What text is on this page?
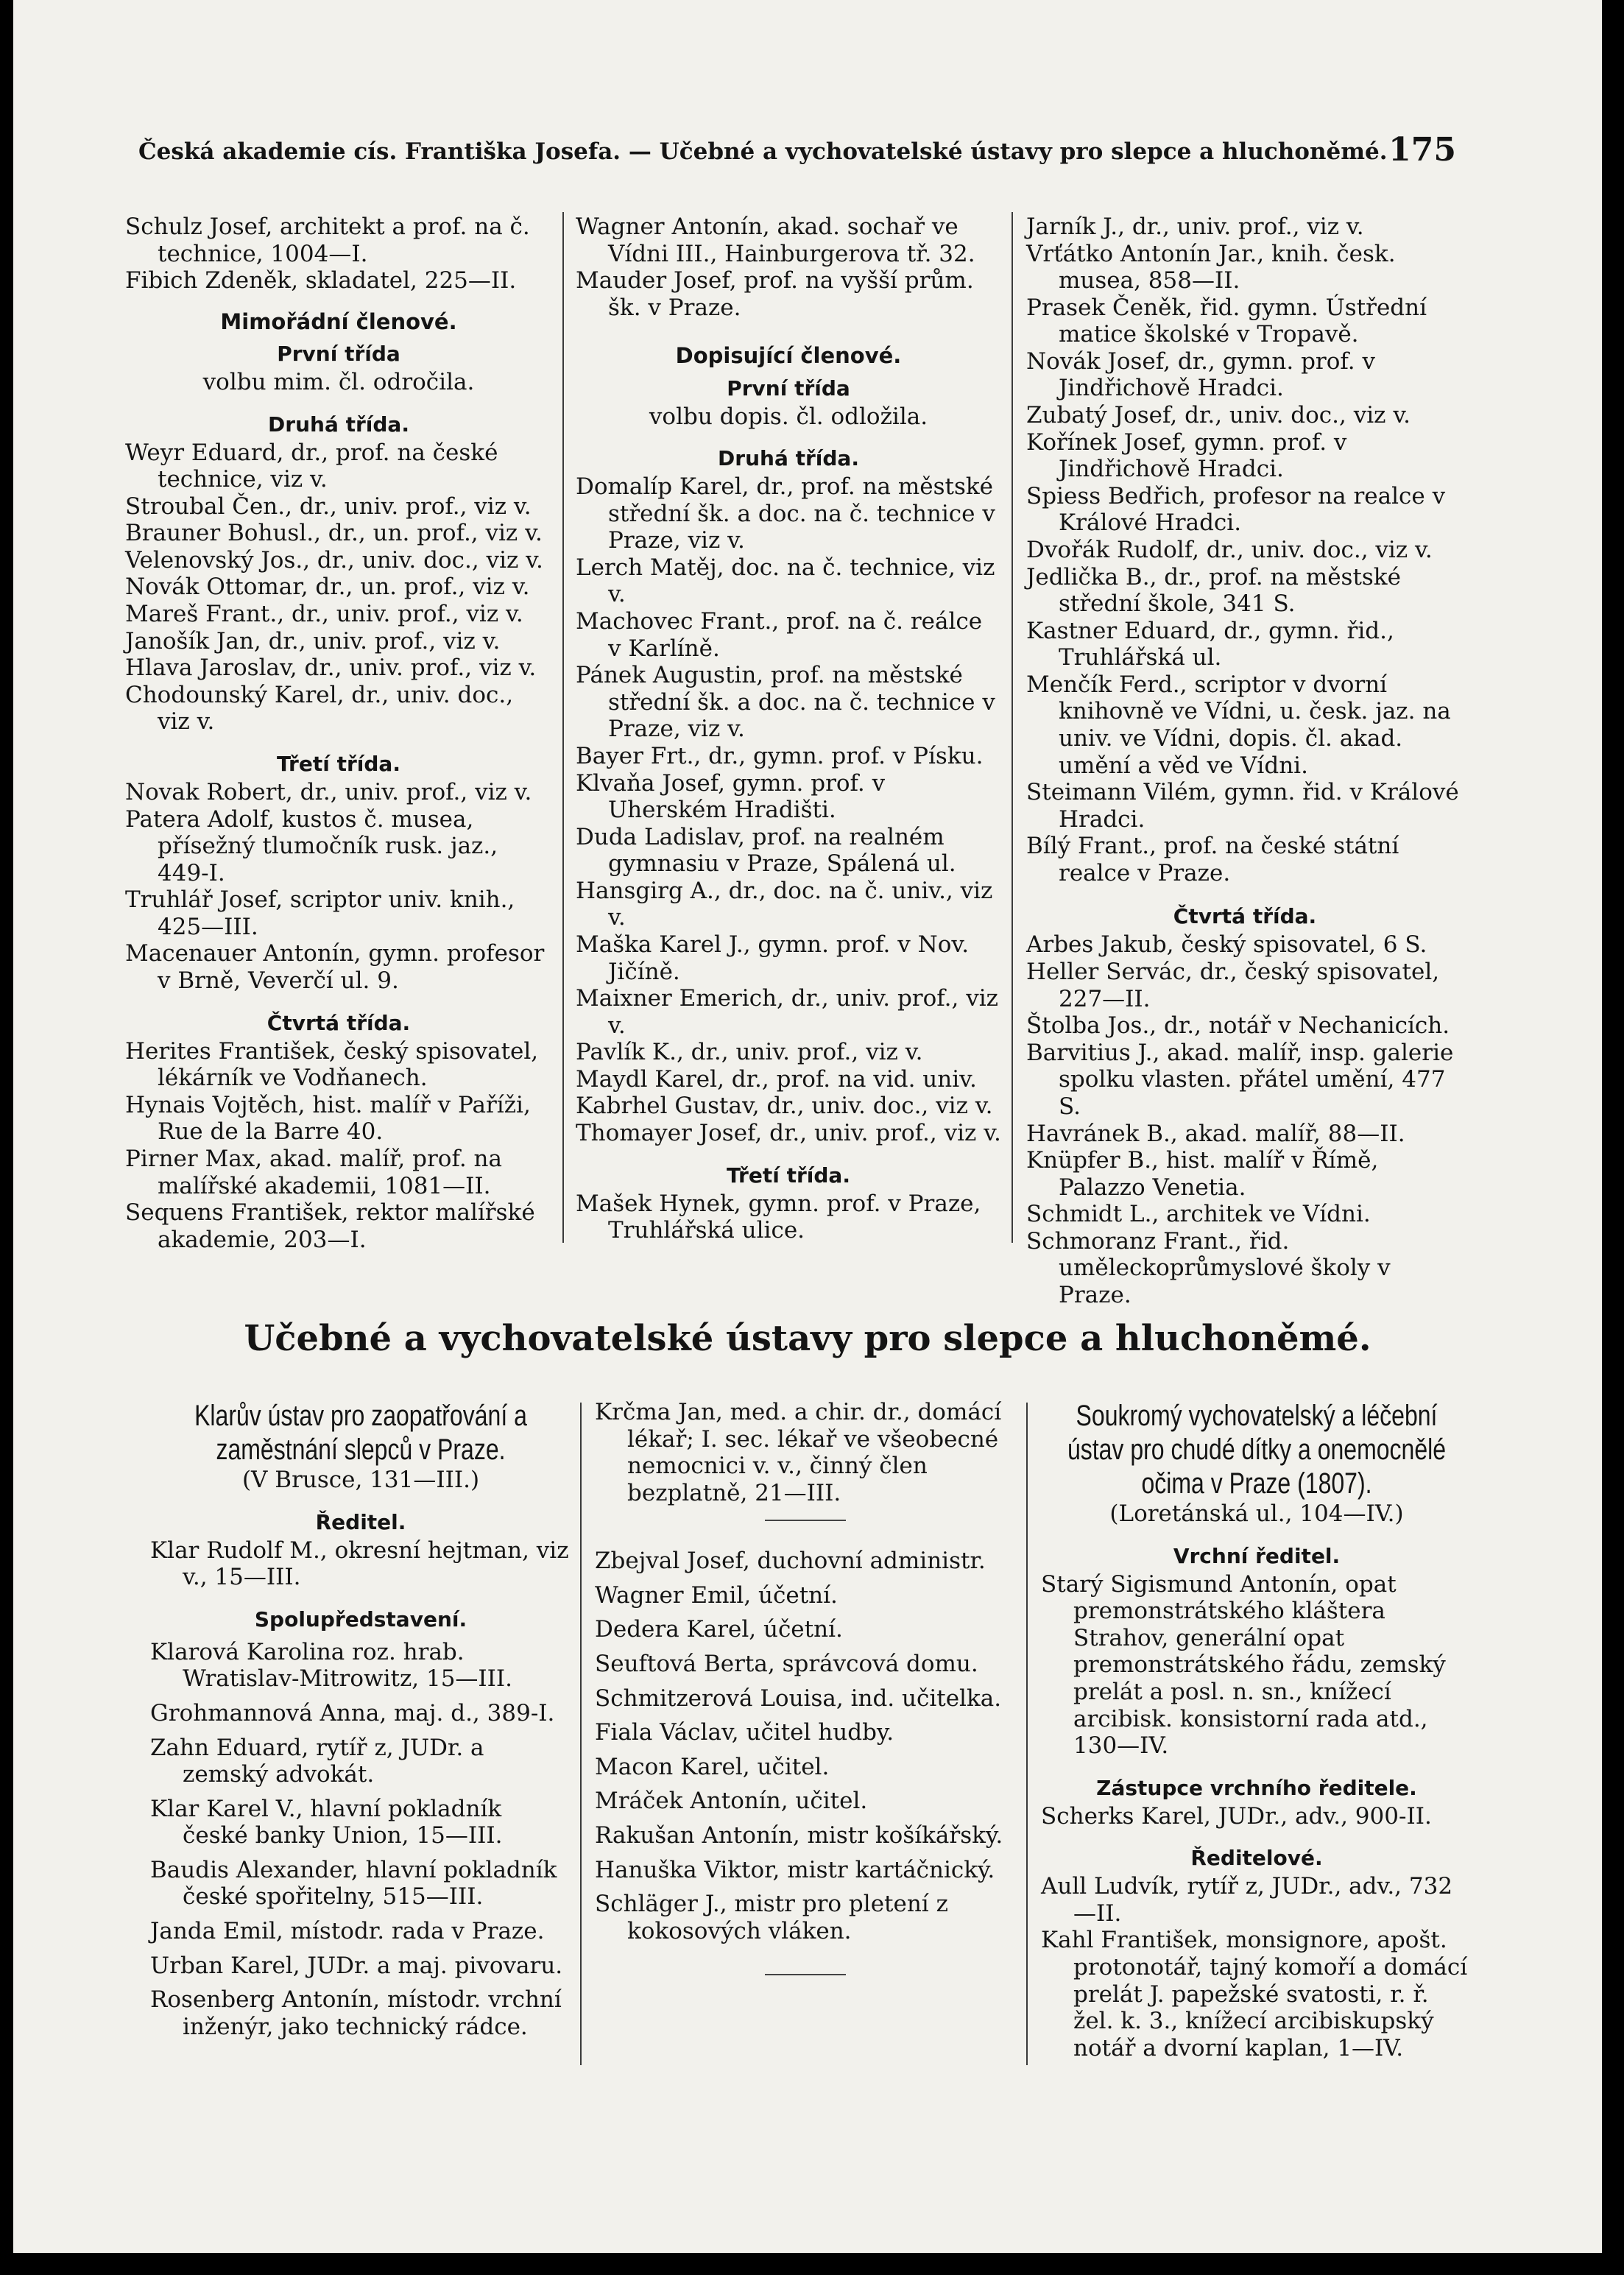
Česká akademie cís. Františka Josefa. — Učebné a vychovatelské ústavy pro slepce a hluchoněmé. 175

Schulz Josef, architekt a prof. na č. technice, 1004—I.

Fibich Zdeněk, skladatel, 225—II.

Mimořádní členové.
První třída
volbu mim. čl. odročila.
Druhá třída.

Weyr Eduard, dr., prof. na české technice, viz v.

Stroubal Čen., dr., univ. prof., viz v.

Brauner Bohusl., dr., un. prof., viz v.

Velenovský Jos., dr., univ. doc., viz v.

Novák Ottomar, dr., un. prof., viz v.

Mareš Frant., dr., univ. prof., viz v.

Janošík Jan, dr., univ. prof., viz v.

Hlava Jaroslav, dr., univ. prof., viz v.

Chodounský Karel, dr., univ. doc., viz v.

Třetí třída.

Novak Robert, dr., univ. prof., viz v.

Patera Adolf, kustos č. musea, přísežný tlumočník rusk. jaz., 449-I.

Truhlář Josef, scriptor univ. knih., 425—III.

Macenauer Antonín, gymn. profesor v Brně, Veverčí ul. 9.

Čtvrtá třída.

Herites František, český spisovatel, lékárník ve Vodňanech.

Hynais Vojtěch, hist. malíř v Paříži, Rue de la Barre 40.

Pirner Max, akad. malíř, prof. na malířské akademii, 1081—II.

Sequens František, rektor malířské akademie, 203—I.

Wagner Antonín, akad. sochař ve Vídni III., Hainburgerova tř. 32.

Mauder Josef, prof. na vyšší prům. šk. v Praze.

Dopisující členové.
První třída
volbu dopis. čl. odložila.
Druhá třída.

Domalíp Karel, dr., prof. na městské střední šk. a doc. na č. technice v Praze, viz v.

Lerch Matěj, doc. na č. technice, viz v.

Machovec Frant., prof. na č. reálce v Karlíně.

Pánek Augustin, prof. na městské střední šk. a doc. na č. technice v Praze, viz v.

Bayer Frt., dr., gymn. prof. v Písku.

Klvaňa Josef, gymn. prof. v Uherském Hradišti.

Duda Ladislav, prof. na realném gymnasiu v Praze, Spálená ul.

Hansgirg A., dr., doc. na č. univ., viz v.

Maška Karel J., gymn. prof. v Nov. Jičíně.

Maixner Emerich, dr., univ. prof., viz v.

Pavlík K., dr., univ. prof., viz v.

Maydl Karel, dr., prof. na vid. univ.

Kabrhel Gustav, dr., univ. doc., viz v.

Thomayer Josef, dr., univ. prof., viz v.

Třetí třída.

Mašek Hynek, gymn. prof. v Praze, Truhlářská ulice.

Jarník J., dr., univ. prof., viz v.

Vrťátko Antonín Jar., knih. česk. musea, 858—II.

Prasek Čeněk, řid. gymn. Ústřední matice školské v Tropavě.

Novák Josef, dr., gymn. prof. v Jindřichově Hradci.

Zubatý Josef, dr., univ. doc., viz v.

Kořínek Josef, gymn. prof. v Jindřichově Hradci.

Spiess Bedřich, profesor na realce v Králové Hradci.

Dvořák Rudolf, dr., univ. doc., viz v.

Jedlička B., dr., prof. na městské střední škole, 341 S.

Kastner Eduard, dr., gymn. řid., Truhlářská ul.

Menčík Ferd., scriptor v dvorní knihovně ve Vídni, u. česk. jaz. na univ. ve Vídni, dopis. čl. akad. umění a věd ve Vídni.

Steimann Vilém, gymn. řid. v Králové Hradci.

Bílý Frant., prof. na české státní realce v Praze.

Čtvrtá třída.

Arbes Jakub, český spisovatel, 6 S.

Heller Servác, dr., český spisovatel, 227—II.

Štolba Jos., dr., notář v Nechanicích.

Barvitius J., akad. malíř, insp. galerie spolku vlasten. přátel umění, 477 S.

Havránek B., akad. malíř, 88—II.

Knüpfer B., hist. malíř v Římě, Palazzo Venetia.

Schmidt L., architek ve Vídni.

Schmoranz Frant., řid. uměleckoprůmyslové školy v Praze.

Učebné a vychovatelské ústavy pro slepce a hluchoněmé.
Klarův ústav pro zaopatřování a zaměstnání slepců v Praze.
(V Brusce, 131—III.)
Ředitel.

Klar Rudolf M., okresní hejtman, viz v., 15—III.

Spolupředstavení.

Klarová Karolina roz. hrab. Wratislav-Mitrowitz, 15—III.

Grohmannová Anna, maj. d., 389-I.

Zahn Eduard, rytíř z, JUDr. a zemský advokát.

Klar Karel V., hlavní pokladník české banky Union, 15—III.

Baudis Alexander, hlavní pokladník české spořitelny, 515—III.

Janda Emil, místodr. rada v Praze.

Urban Karel, JUDr. a maj. pivovaru.

Rosenberg Antonín, místodr. vrchní inženýr, jako technický rádce.

Krčma Jan, med. a chir. dr., domácí lékař; I. sec. lékař ve všeobecné nemocnici v. v., činný člen bezplatně, 21—III.

Zbejval Josef, duchovní administr.

Wagner Emil, účetní.

Dedera Karel, účetní.

Seuftová Berta, správcová domu.

Schmitzerová Louisa, ind. učitelka.

Fiala Václav, učitel hudby.

Macon Karel, učitel.

Mráček Antonín, učitel.

Rakušan Antonín, mistr košíkářský.

Hanuška Viktor, mistr kartáčnický.

Schläger J., mistr pro pletení z kokosových vláken.

Soukromý vychovatelský a léčební ústav pro chudé dítky a onemocnělé očima v Praze (1807).
(Loretánská ul., 104—IV.)
Vrchní ředitel.

Starý Sigismund Antonín, opat premonstrátského kláštera Strahov, generální opat premonstrátského řádu, zemský prelát a posl. n. sn., knížecí arcibisk. konsistorní rada atd., 130—IV.

Zástupce vrchního ředitele.

Scherks Karel, JUDr., adv., 900-II.

Ředitelové.

Aull Ludvík, rytíř z, JUDr., adv., 732—II.

Kahl František, monsignore, apošt. protonotář, tajný komoří a domácí prelát J. papežské svatosti, r. ř. žel. k. 3., knížecí arcibiskupský notář a dvorní kaplan, 1—IV.
